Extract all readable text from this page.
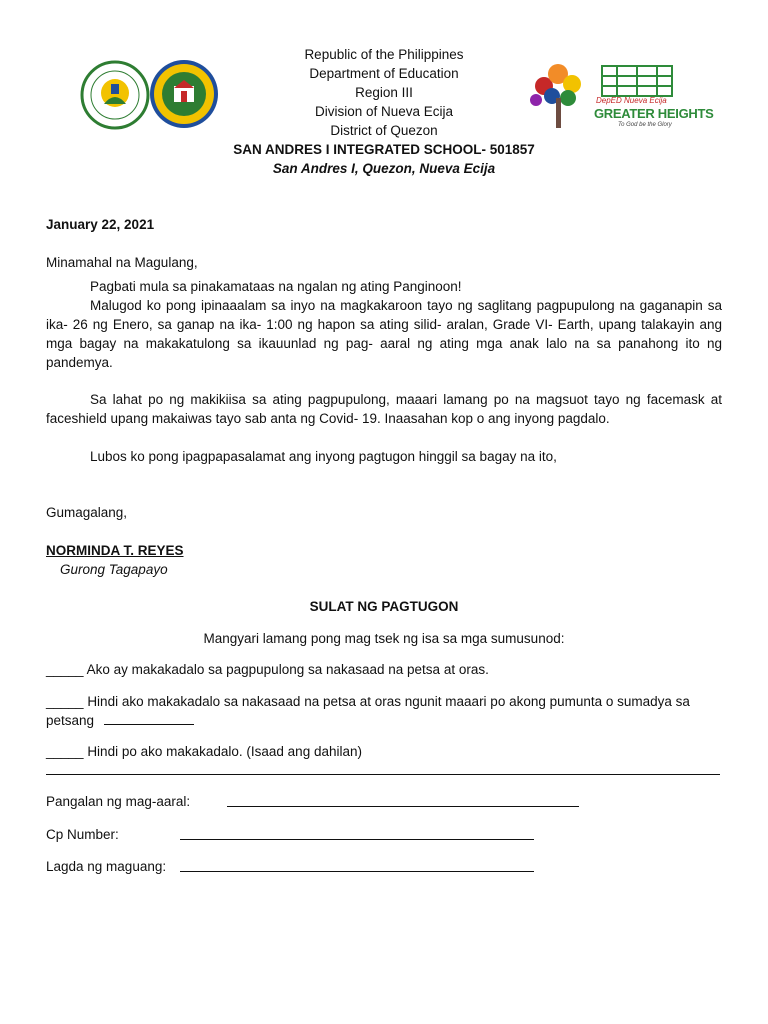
Republic of the Philippines
Department of Education
Region III
Division of Nueva Ecija
District of Quezon
SAN ANDRES I INTEGRATED SCHOOL- 501857
San Andres I, Quezon, Nueva Ecija
DepED Nueva Ecija
GREATER HEIGHTS
To God be the Glory
January 22, 2021
Minamahal na Magulang,
Pagbati mula sa pinakamataas na ngalan ng ating Panginoon!
Malugod ko pong ipinaaalam sa inyo na magkakaroon tayo ng saglitang pagpupulong na gaganapin sa ika- 26 ng Enero, sa ganap na ika- 1:00 ng hapon sa ating silid- aralan, Grade VI- Earth, upang talakayin ang mga bagay na makakatulong sa ikauunlad ng pag- aaral ng ating mga anak lalo na sa panahong ito ng pandemya.
Sa lahat po ng makikiisa sa ating pagpupulong, maaari lamang po na magsuot tayo ng facemask at faceshield upang makaiwas tayo sab anta ng Covid- 19. Inaasahan kop o ang inyong pagdalo.
Lubos ko pong ipagpapasalamat ang inyong pagtugon hinggil sa bagay na ito,
Gumagalang,
NORMINDA T. REYES
Gurong Tagapayo
SULAT NG PAGTUGON
Mangyari lamang pong mag tsek ng isa sa mga sumusunod:
_____ Ako ay makakadalo sa pagpupulong sa nakasaad na petsa at oras.
_____ Hindi ako makakadalo sa nakasaad na petsa at oras ngunit maaari po akong pumunta o sumadya sa
petsang
_____ Hindi po ako makakadalo. (Isaad ang dahilan)
Pangalan ng mag-aaral:
Cp Number:
Lagda ng maguang:
